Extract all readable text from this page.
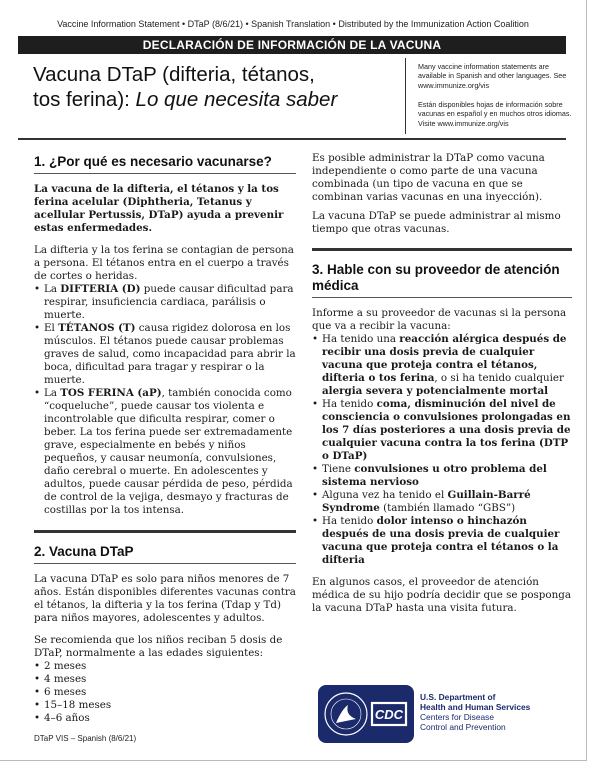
Vaccine Information Statement • DTaP (8/6/21) • Spanish Translation • Distributed by the Immunization Action Coalition
DECLARACIÓN DE INFORMACIÓN DE LA VACUNA
Vacuna DTaP (difteria, tétanos,
tos ferina): Lo que necesita saber
Many vaccine information statements are available in Spanish and other languages. See www.immunize.org/vis
Están disponibles hojas de información sobre vacunas en español y en muchos otros idiomas. Visite www.immunize.org/vis
1. ¿Por qué es necesario vacunarse?

La vacuna de la difteria, el tétanos y la tos ferina acelular (Diphtheria, Tetanus y acellular Pertussis, DTaP) ayuda a prevenir estas enfermedades.

La difteria y la tos ferina se contagian de persona a persona. El tétanos entra en el cuerpo a través de cortes o heridas.

• La DIFTERIA (D) puede causar dificultad para respirar, insuficiencia cardiaca, parálisis o muerte.
• El TÉTANOS (T) causa rigidez dolorosa en los músculos. El tétanos puede causar problemas graves de salud, como incapacidad para abrir la boca, dificultad para tragar y respirar o la muerte.
• La TOS FERINA (aP), también conocida como “coqueluche”, puede causar tos violenta e incontrolable que dificulta respirar, comer o beber. La tos ferina puede ser extremadamente grave, especialmente en bebés y niños pequeños, y causar neumonía, convulsiones, daño cerebral o muerte. En adolescentes y adultos, puede causar pérdida de peso, pérdida de control de la vejiga, desmayo y fracturas de costillas por la tos intensa.
2. Vacuna DTaP

La vacuna DTaP es solo para niños menores de 7 años. Están disponibles diferentes vacunas contra el tétanos, la difteria y la tos ferina (Tdap y Td) para niños mayores, adolescentes y adultos.

Se recomienda que los niños reciban 5 dosis de DTaP, normalmente a las edades siguientes:

• 2 meses
• 4 meses
• 6 meses
• 15–18 meses
• 4–6 años

Es posible administrar la DTaP como vacuna independiente o como parte de una vacuna combinada (un tipo de vacuna en que se combinan varias vacunas en una inyección).

La vacuna DTaP se puede administrar al mismo tiempo que otras vacunas.

3. Hable con su proveedor de atención médica

Informe a su proveedor de vacunas si la persona que va a recibir la vacuna:

• Ha tenido una reacción alérgica después de recibir una dosis previa de cualquier vacuna que proteja contra el tétanos, difteria o tos ferina, o si ha tenido cualquier alergia severa y potencialmente mortal
• Ha tenido coma, disminución del nivel de consciencia o convulsiones prolongadas en los 7 días posteriores a una dosis previa de cualquier vacuna contra la tos ferina (DTP o DTaP)
• Tiene convulsiones u otro problema del sistema nervioso
• Alguna vez ha tenido el Guillain-Barré Syndrome (también llamado “GBS”)
• Ha tenido dolor intenso o hinchazón después de una dosis previa de cualquier vacuna que proteja contra el tétanos o la difteria

En algunos casos, el proveedor de atención médica de su hijo podría decidir que se posponga la vacuna DTaP hasta una visita futura.

DTaP VIS – Spanish (8/6/21)
CDC
U.S. Department of
Health and Human Services
Centers for Disease
Control and Prevention
